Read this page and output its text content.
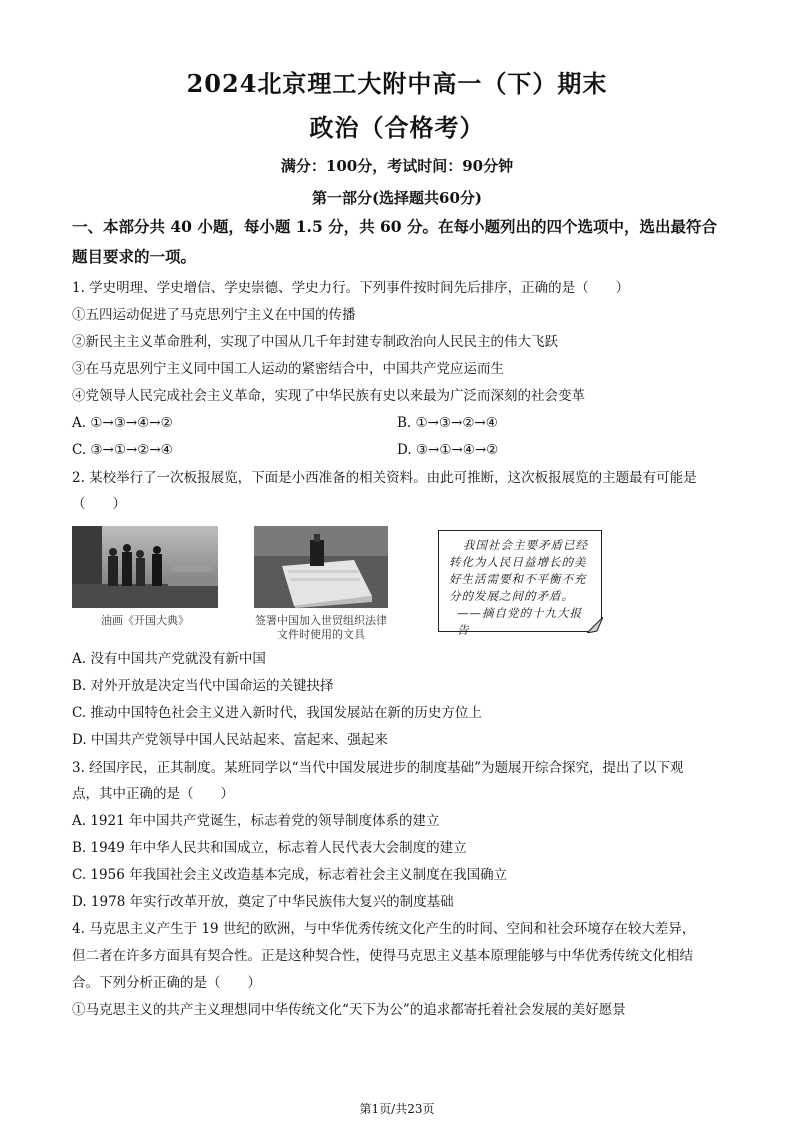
2024北京理工大附中高一（下）期末
政治（合格考）
满分：100分，考试时间：90分钟
第一部分(选择题共60分)
一、本部分共 40 小题，每小题 1.5 分，共 60 分。在每小题列出的四个选项中，选出最符合
题目要求的一项。
1. 学史明理、学史增信、学史崇德、学史力行。下列事件按时间先后排序，正确的是（　　）
①五四运动促进了马克思列宁主义在中国的传播
②新民主主义革命胜利，实现了中国从几千年封建专制政治向人民民主的伟大飞跃
③在马克思列宁主义同中国工人运动的紧密结合中，中国共产党应运而生
④党领导人民完成社会主义革命，实现了中华民族有史以来最为广泛而深刻的社会变革
A. ①→③→④→②	B. ①→③→②→④
C. ③→①→②→④	D. ③→①→④→②
2. 某校举行了一次板报展览，下面是小西准备的相关资料。由此可推断，这次板报展览的主题最有可能是
（　　）
油画《开国大典》	签署中国加入世贸组织法律
文件时使用的文具
我国社会主要矛盾已经
转化为人民日益增长的美
好生活需要和不平衡不充
分的发展之间的矛盾。
——摘自党的十九大报告
A. 没有中国共产党就没有新中国
B. 对外开放是决定当代中国命运的关键抉择
C. 推动中国特色社会主义进入新时代，我国发展站在新的历史方位上
D. 中国共产党领导中国人民站起来、富起来、强起来
3. 经国序民，正其制度。某班同学以“当代中国发展进步的制度基础”为题展开综合探究，提出了以下观
点，其中正确的是（　　）
A. 1921 年中国共产党诞生，标志着党的领导制度体系的建立
B. 1949 年中华人民共和国成立，标志着人民代表大会制度的建立
C. 1956 年我国社会主义改造基本完成，标志着社会主义制度在我国确立
D. 1978 年实行改革开放，奠定了中华民族伟大复兴的制度基础
4. 马克思主义产生于 19 世纪的欧洲，与中华优秀传统文化产生的时间、空间和社会环境存在较大差异，
但二者在许多方面具有契合性。正是这种契合性，使得马克思主义基本原理能够与中华优秀传统文化相结
合。下列分析正确的是（　　）
①马克思主义的共产主义理想同中华传统文化“天下为公”的追求都寄托着社会发展的美好愿景
第1页/共23页
